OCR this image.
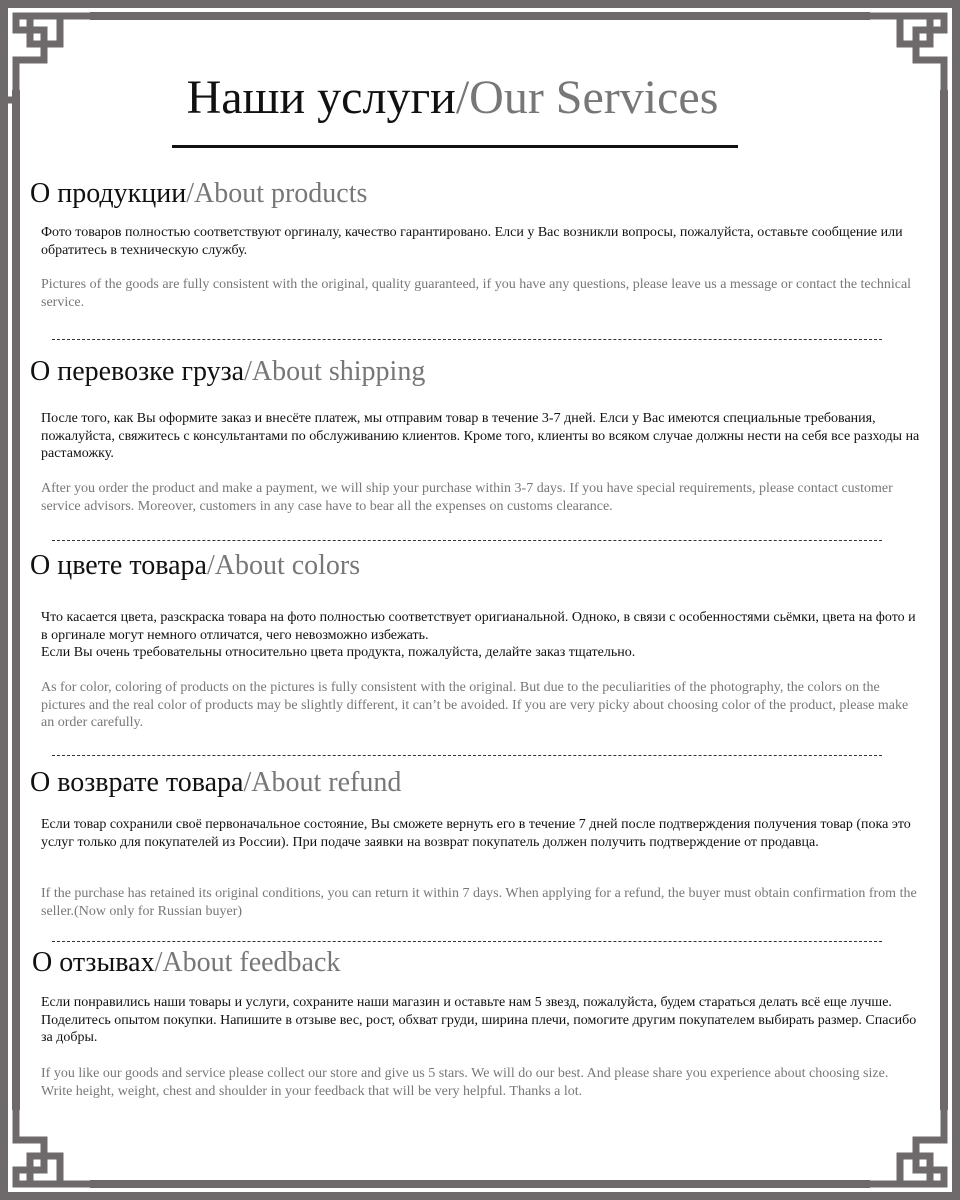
Наши услуги/Our Services
О продукции/About products
Фото товаров полностью соответствуют оргиналу, качество гарантировано. Елси у Вас возникли вопросы, пожалуйста, оставьте сообщение или обратитесь в техническую службу.
Pictures of the goods are fully consistent with the original, quality guaranteed, if you have any questions, please leave us a message or contact the technical service.
О перевозке груза/About shipping
После того, как Вы оформите заказ и внесёте платеж, мы отправим товар в течение 3-7 дней. Елси у Вас имеются специальные требования, пожалуйста, свяжитесь с консультантами по обслуживанию клиентов. Кроме того, клиенты во всяком случае должны нести на себя все разходы на растаможку.
After you order the product and make a payment, we will ship your purchase within 3-7 days. If you have special requirements, please contact customer service advisors. Moreover, customers in any case have to bear all the expenses on customs clearance.
О цвете товара/About colors
Что касается цвета, разскраска товара на фото полностью соответствует оригианальной. Одноко, в связи с особенностями сьёмки, цвета на фото и в оргинале могут немного отличатся, чего невозможно избежать.
Если Вы очень требовательны относительно цвета продукта, пожалуйста, делайте заказ тщательно.
As for color, coloring of products on the pictures is fully consistent with the original. But due to the peculiarities of the photography, the colors on the pictures and the real color of products may be slightly different, it can’t be avoided. If you are very picky about choosing color of the product, please make an order carefully.
О возврате товара/About refund
Если товар сохранили своё первоначальное состояние, Вы сможете вернуть его в течение 7 дней после подтверждения получения товар (пока это услуг только для покупателей из России). При подаче заявки на возврат покупатель должен получить подтверждение от продавца.
If the purchase has retained its original conditions, you can return it within 7 days. When applying for a refund, the buyer must obtain confirmation from the seller.(Now only for Russian buyer)
О отзывах/About feedback
Если понравились наши товары и услуги, сохраните наши магазин и оставьте нам 5 звезд, пожалуйста, будем стараться делать всё еще лучше. Поделитесь опытом покупки. Напишите в отзыве вес, рост, обхват груди, ширина плечи, помогите другим покупателем выбирать размер. Спасибо за добры.
If you like our goods and service please collect our store and give us 5 stars. We will do our best. And please share you experience about choosing size. Write height, weight, chest and shoulder in your feedback that will be very helpful. Thanks a lot.
